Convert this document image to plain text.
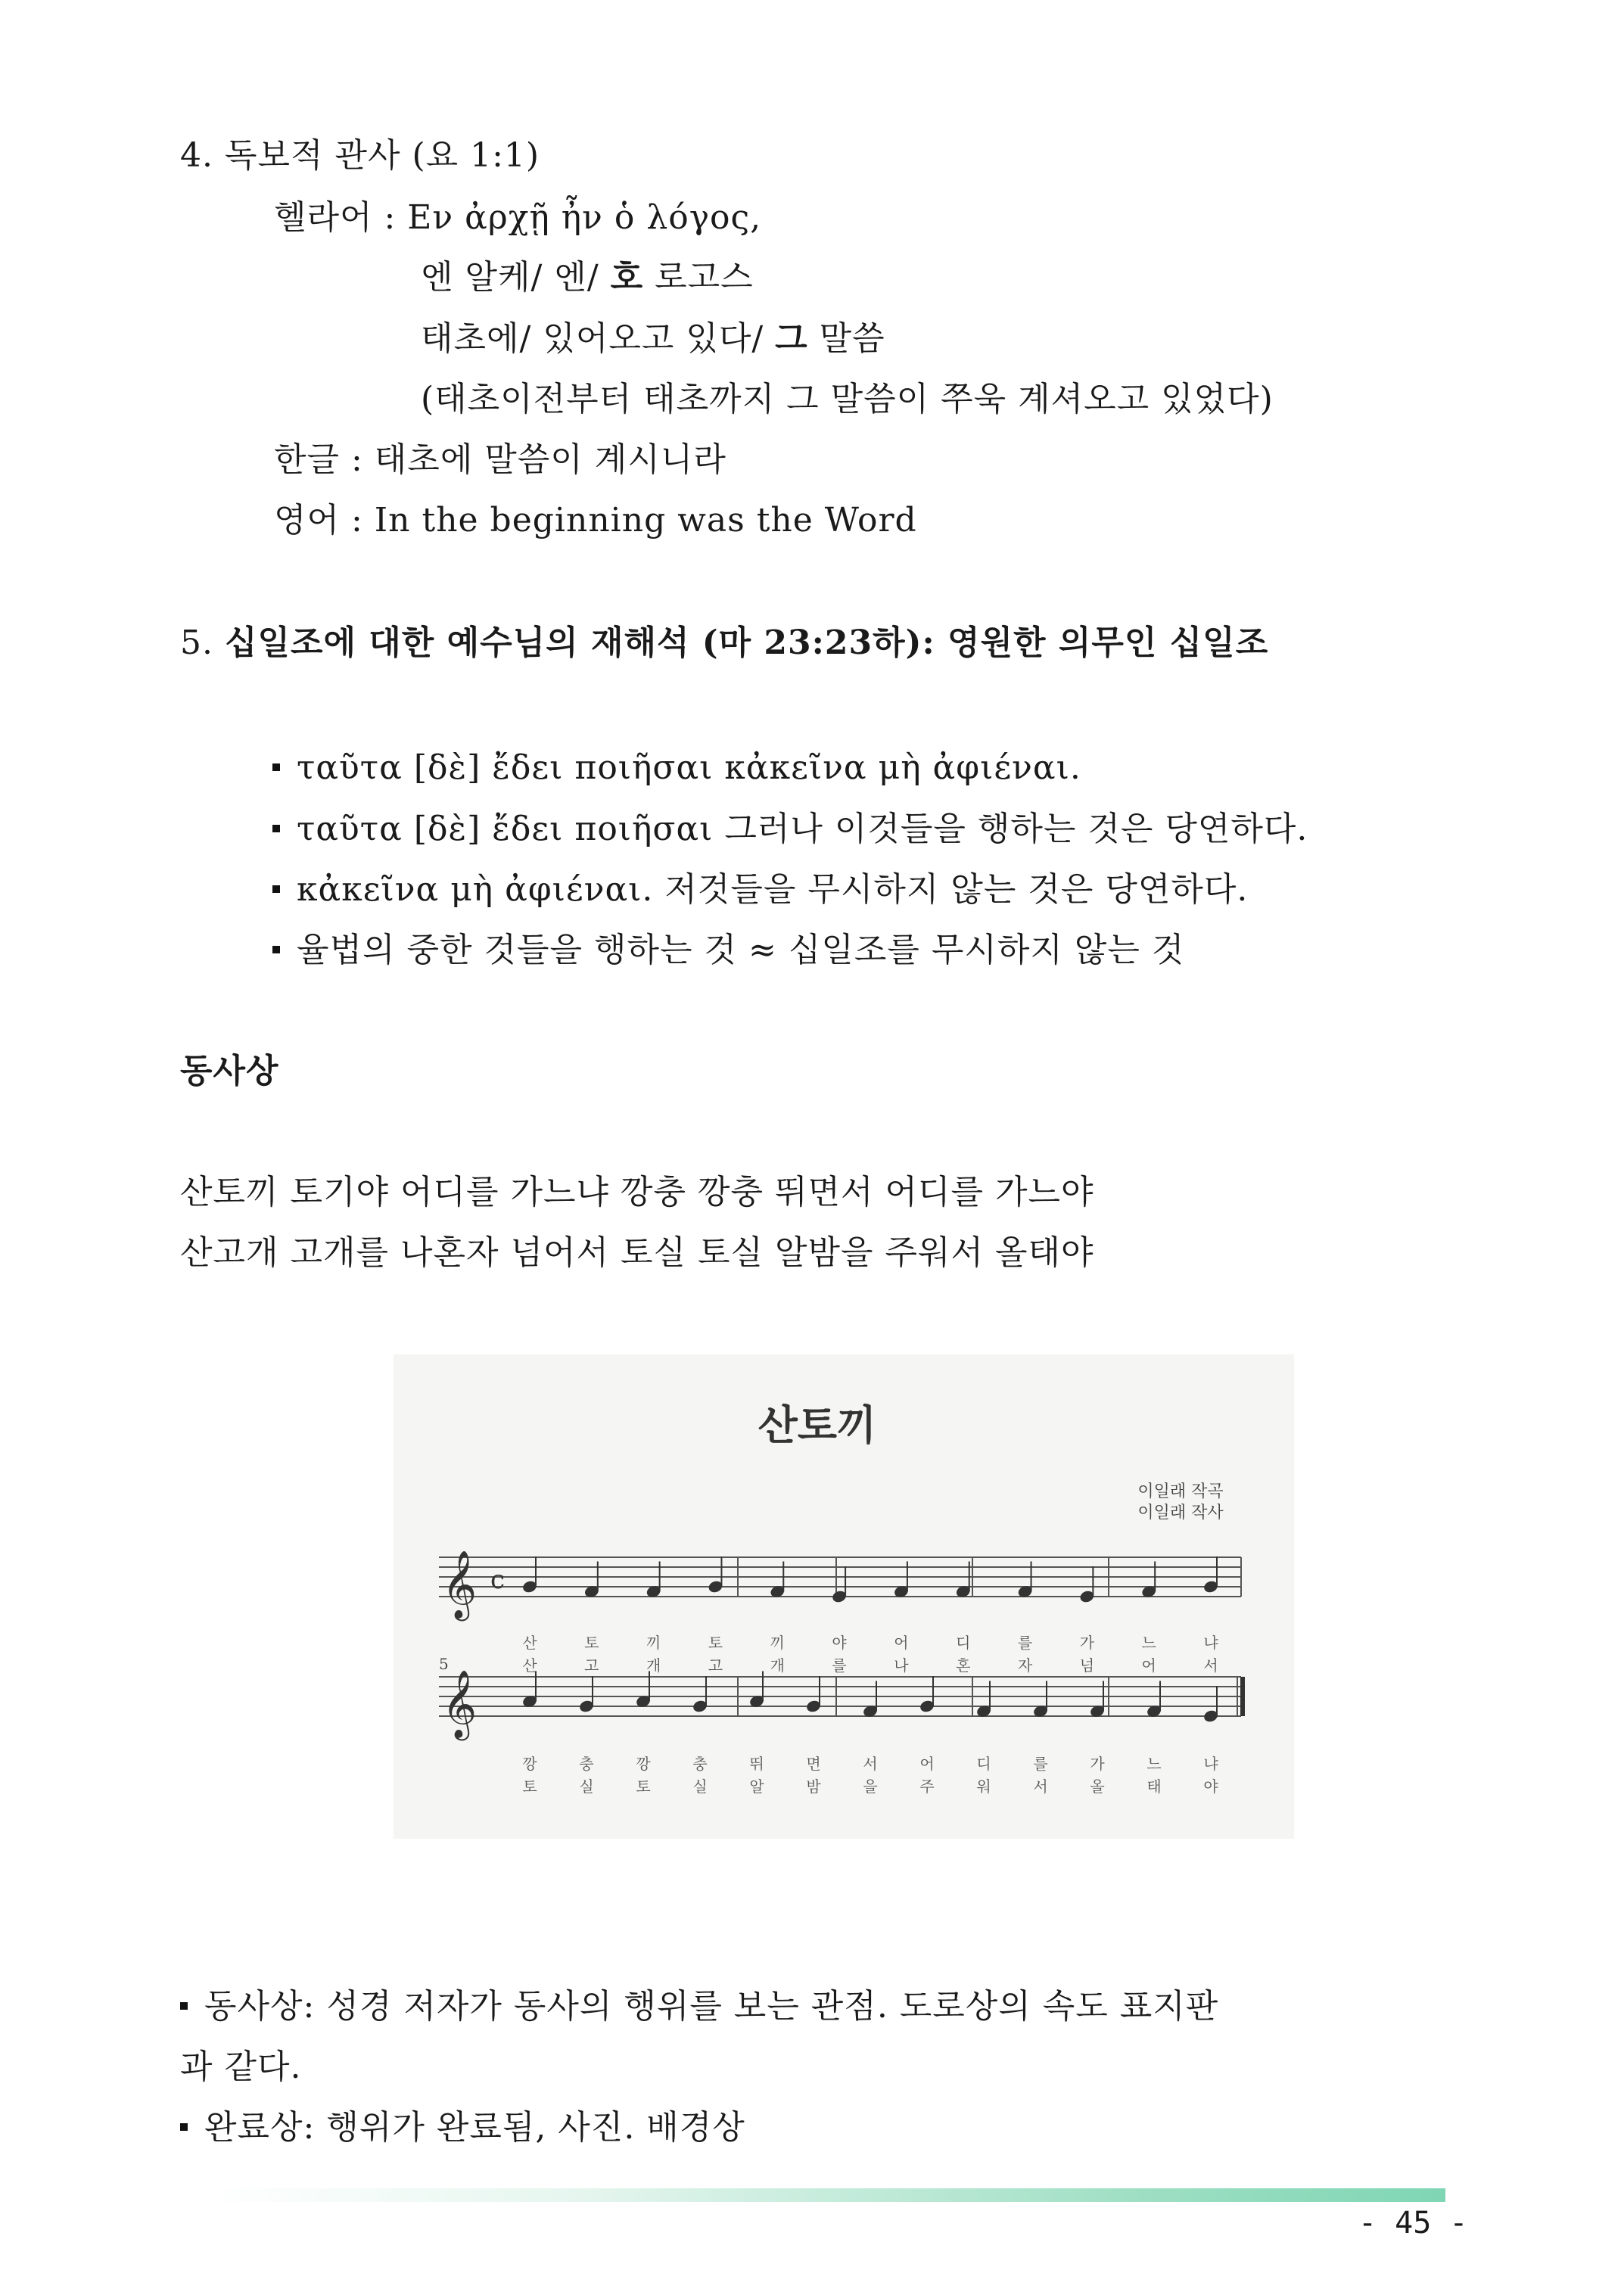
4. 독보적 관사 (요 1:1)
헬라어 : Εν ἀρχῇ ἦν ὁ λόγος,
엔 알케/ 엔/ 호 로고스
태초에/ 있어오고 있다/ 그 말씀
(태초이전부터 태초까지 그 말씀이 쭈욱 계셔오고 있었다)
한글 : 태초에 말씀이 계시니라
영어 : In the beginning was the Word
5. 십일조에 대한 예수님의 재해석 (마 23:23하): 영원한 의무인 십일조
ταῦτα [δὲ] ἔδει ποιῆσαι κἀκεῖνα μὴ ἀφιέναι.
ταῦτα [δὲ] ἔδει ποιῆσαι 그러나 이것들을 행하는 것은 당연하다.
κἀκεῖνα μὴ ἀφιέναι. 저것들을 무시하지 않는 것은 당연하다.
율법의 중한 것들을 행하는 것 ≈ 십일조를 무시하지 않는 것
동사상
산토끼 토기야 어디를 가느냐 깡충 깡충 뛰면서 어디를 가느야
산고개 고개를 나혼자 넘어서 토실 토실 알밤을 주워서 올태야
산토끼
이일래 작곡
이일래 작사
𝄞 c
𝄞
5
산	토	끼	토	끼	야	어	디	를	가	느	냐
산	고	개	고	개	를	나	혼	자	넘	어	서
깡	충	깡	충	뛰	면	서	어	디	를	가	느	냐
토	실	토	실	알	밤	을	주	워	서	올	태	야
동사상: 성경 저자가 동사의 행위를 보는 관점. 도로상의 속도 표지판
과 같다.
완료상: 행위가 완료됨, 사진. 배경상
- 45 -
